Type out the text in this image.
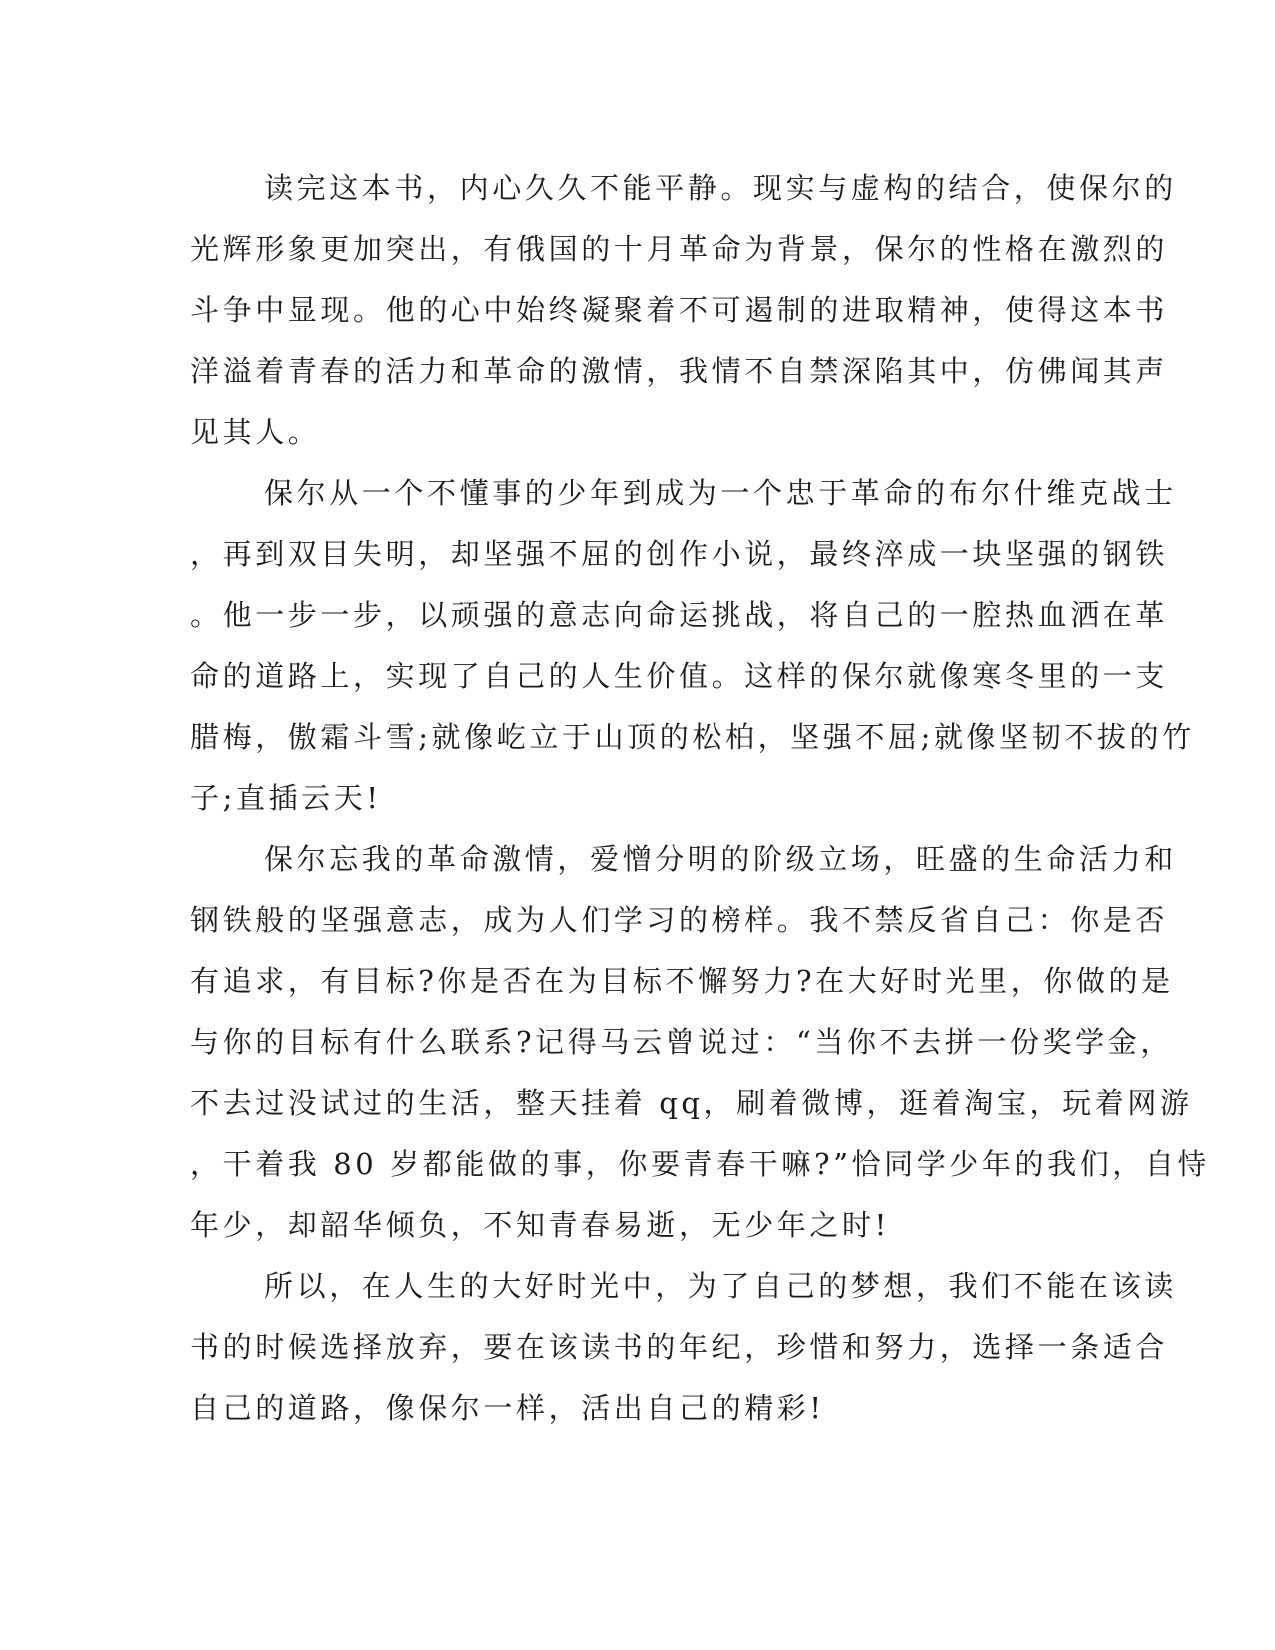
读完这本书，内心久久不能平静。现实与虚构的结合，使保尔的
光辉形象更加突出，有俄国的十月革命为背景，保尔的性格在激烈的
斗争中显现。他的心中始终凝聚着不可遏制的进取精神，使得这本书
洋溢着青春的活力和革命的激情，我情不自禁深陷其中，仿佛闻其声
见其人。
保尔从一个不懂事的少年到成为一个忠于革命的布尔什维克战士
，再到双目失明，却坚强不屈的创作小说，最终淬成一块坚强的钢铁
。他一步一步，以顽强的意志向命运挑战，将自己的一腔热血洒在革
命的道路上，实现了自己的人生价值。这样的保尔就像寒冬里的一支
腊梅，傲霜斗雪;就像屹立于山顶的松柏，坚强不屈;就像坚韧不拔的竹
子;直插云天!
保尔忘我的革命激情，爱憎分明的阶级立场，旺盛的生命活力和
钢铁般的坚强意志，成为人们学习的榜样。我不禁反省自己：你是否
有追求，有目标?你是否在为目标不懈努力?在大好时光里，你做的是
与你的目标有什么联系?记得马云曾说过：“当你不去拼一份奖学金，
不去过没试过的生活，整天挂着 qq，刷着微博，逛着淘宝，玩着网游
，干着我 80 岁都能做的事，你要青春干嘛?”恰同学少年的我们，自恃
年少，却韶华倾负，不知青春易逝，无少年之时!
所以，在人生的大好时光中，为了自己的梦想，我们不能在该读
书的时候选择放弃，要在该读书的年纪，珍惜和努力，选择一条适合
自己的道路，像保尔一样，活出自己的精彩!
